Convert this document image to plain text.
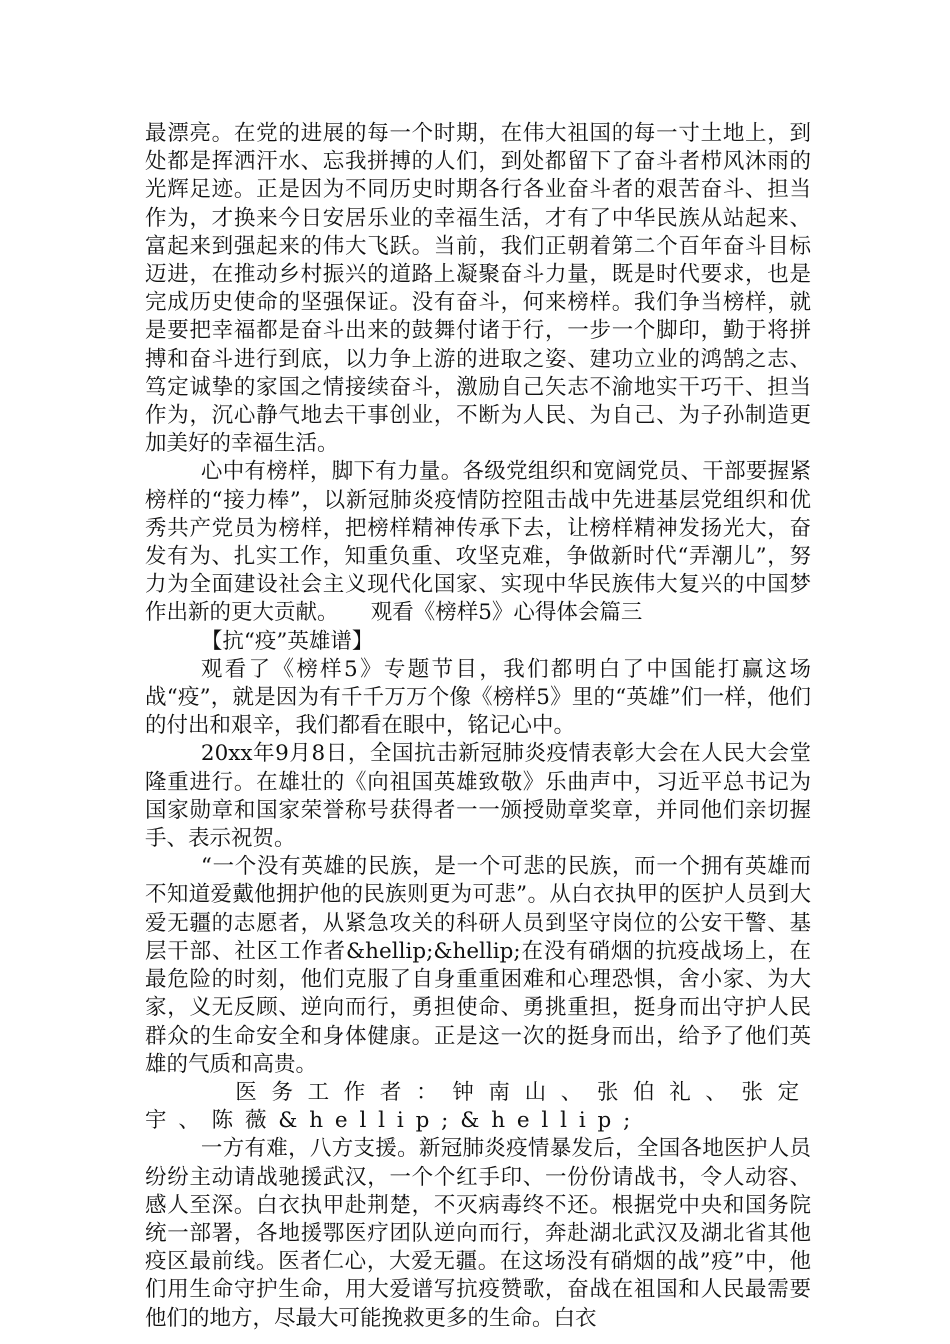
最漂亮。在党的进展的每一个时期，在伟大祖国的每一寸土地上，到处都是挥洒汗水、忘我拼搏的人们，到处都留下了奋斗者栉风沐雨的光辉足迹。正是因为不同历史时期各行各业奋斗者的艰苦奋斗、担当作为，才换来今日安居乐业的幸福生活，才有了中华民族从站起来、富起来到强起来的伟大飞跃。当前，我们正朝着第二个百年奋斗目标迈进，在推动乡村振兴的道路上凝聚奋斗力量，既是时代要求，也是完成历史使命的坚强保证。没有奋斗，何来榜样。我们争当榜样，就是要把幸福都是奋斗出来的鼓舞付诸于行，一步一个脚印，勤于将拼搏和奋斗进行到底，以力争上游的进取之姿、建功立业的鸿鹄之志、笃定诚挚的家国之情接续奋斗，激励自己矢志不渝地实干巧干、担当作为，沉心静气地去干事创业，不断为人民、为自己、为子孙制造更加美好的幸福生活。

心中有榜样，脚下有力量。各级党组织和宽阔党员、干部要握紧榜样的“接力棒”，以新冠肺炎疫情防控阻击战中先进基层党组织和优秀共产党员为榜样，把榜样精神传承下去，让榜样精神发扬光大，奋发有为、扎实工作，知重负重、攻坚克难，争做新时代“弄潮儿”，努力为全面建设社会主义现代化国家、实现中华民族伟大复兴的中国梦作出新的更大贡献。　　观看《榜样5》心得体会篇三

【抗“疫”英雄谱】

观看了《榜样5》专题节目，我们都明白了中国能打赢这场战“疫”，就是因为有千千万万个像《榜样5》里的“英雄”们一样，他们的付出和艰辛，我们都看在眼中，铭记心中。

20xx年9月8日，全国抗击新冠肺炎疫情表彰大会在人民大会堂隆重进行。在雄壮的《向祖国英雄致敬》乐曲声中，习近平总书记为国家勋章和国家荣誉称号获得者一一颁授勋章奖章，并同他们亲切握手、表示祝贺。

“一个没有英雄的民族，是一个可悲的民族，而一个拥有英雄而不知道爱戴他拥护他的民族则更为可悲”。从白衣执甲的医护人员到大爱无疆的志愿者，从紧急攻关的科研人员到坚守岗位的公安干警、基层干部、社区工作者&hellip;&hellip;在没有硝烟的抗疫战场上，在最危险的时刻，他们克服了自身重重困难和心理恐惧，舍小家、为大家，义无反顾、逆向而行，勇担使命、勇挑重担，挺身而出守护人民群众的生命安全和身体健康。正是这一次的挺身而出，给予了他们英雄的气质和高贵。

医务工作者：钟南山、张伯礼、张定宇、陈薇&hellip;&hellip;

一方有难，八方支援。新冠肺炎疫情暴发后，全国各地医护人员纷纷主动请战驰援武汉，一个个红手印、一份份请战书，令人动容、感人至深。白衣执甲赴荆楚，不灭病毒终不还。根据党中央和国务院统一部署，各地援鄂医疗团队逆向而行，奔赴湖北武汉及湖北省其他疫区最前线。医者仁心，大爱无疆。在这场没有硝烟的战”疫”中，他们用生命守护生命，用大爱谱写抗疫赞歌，奋战在祖国和人民最需要他们的地方，尽最大可能挽救更多的生命。白衣
